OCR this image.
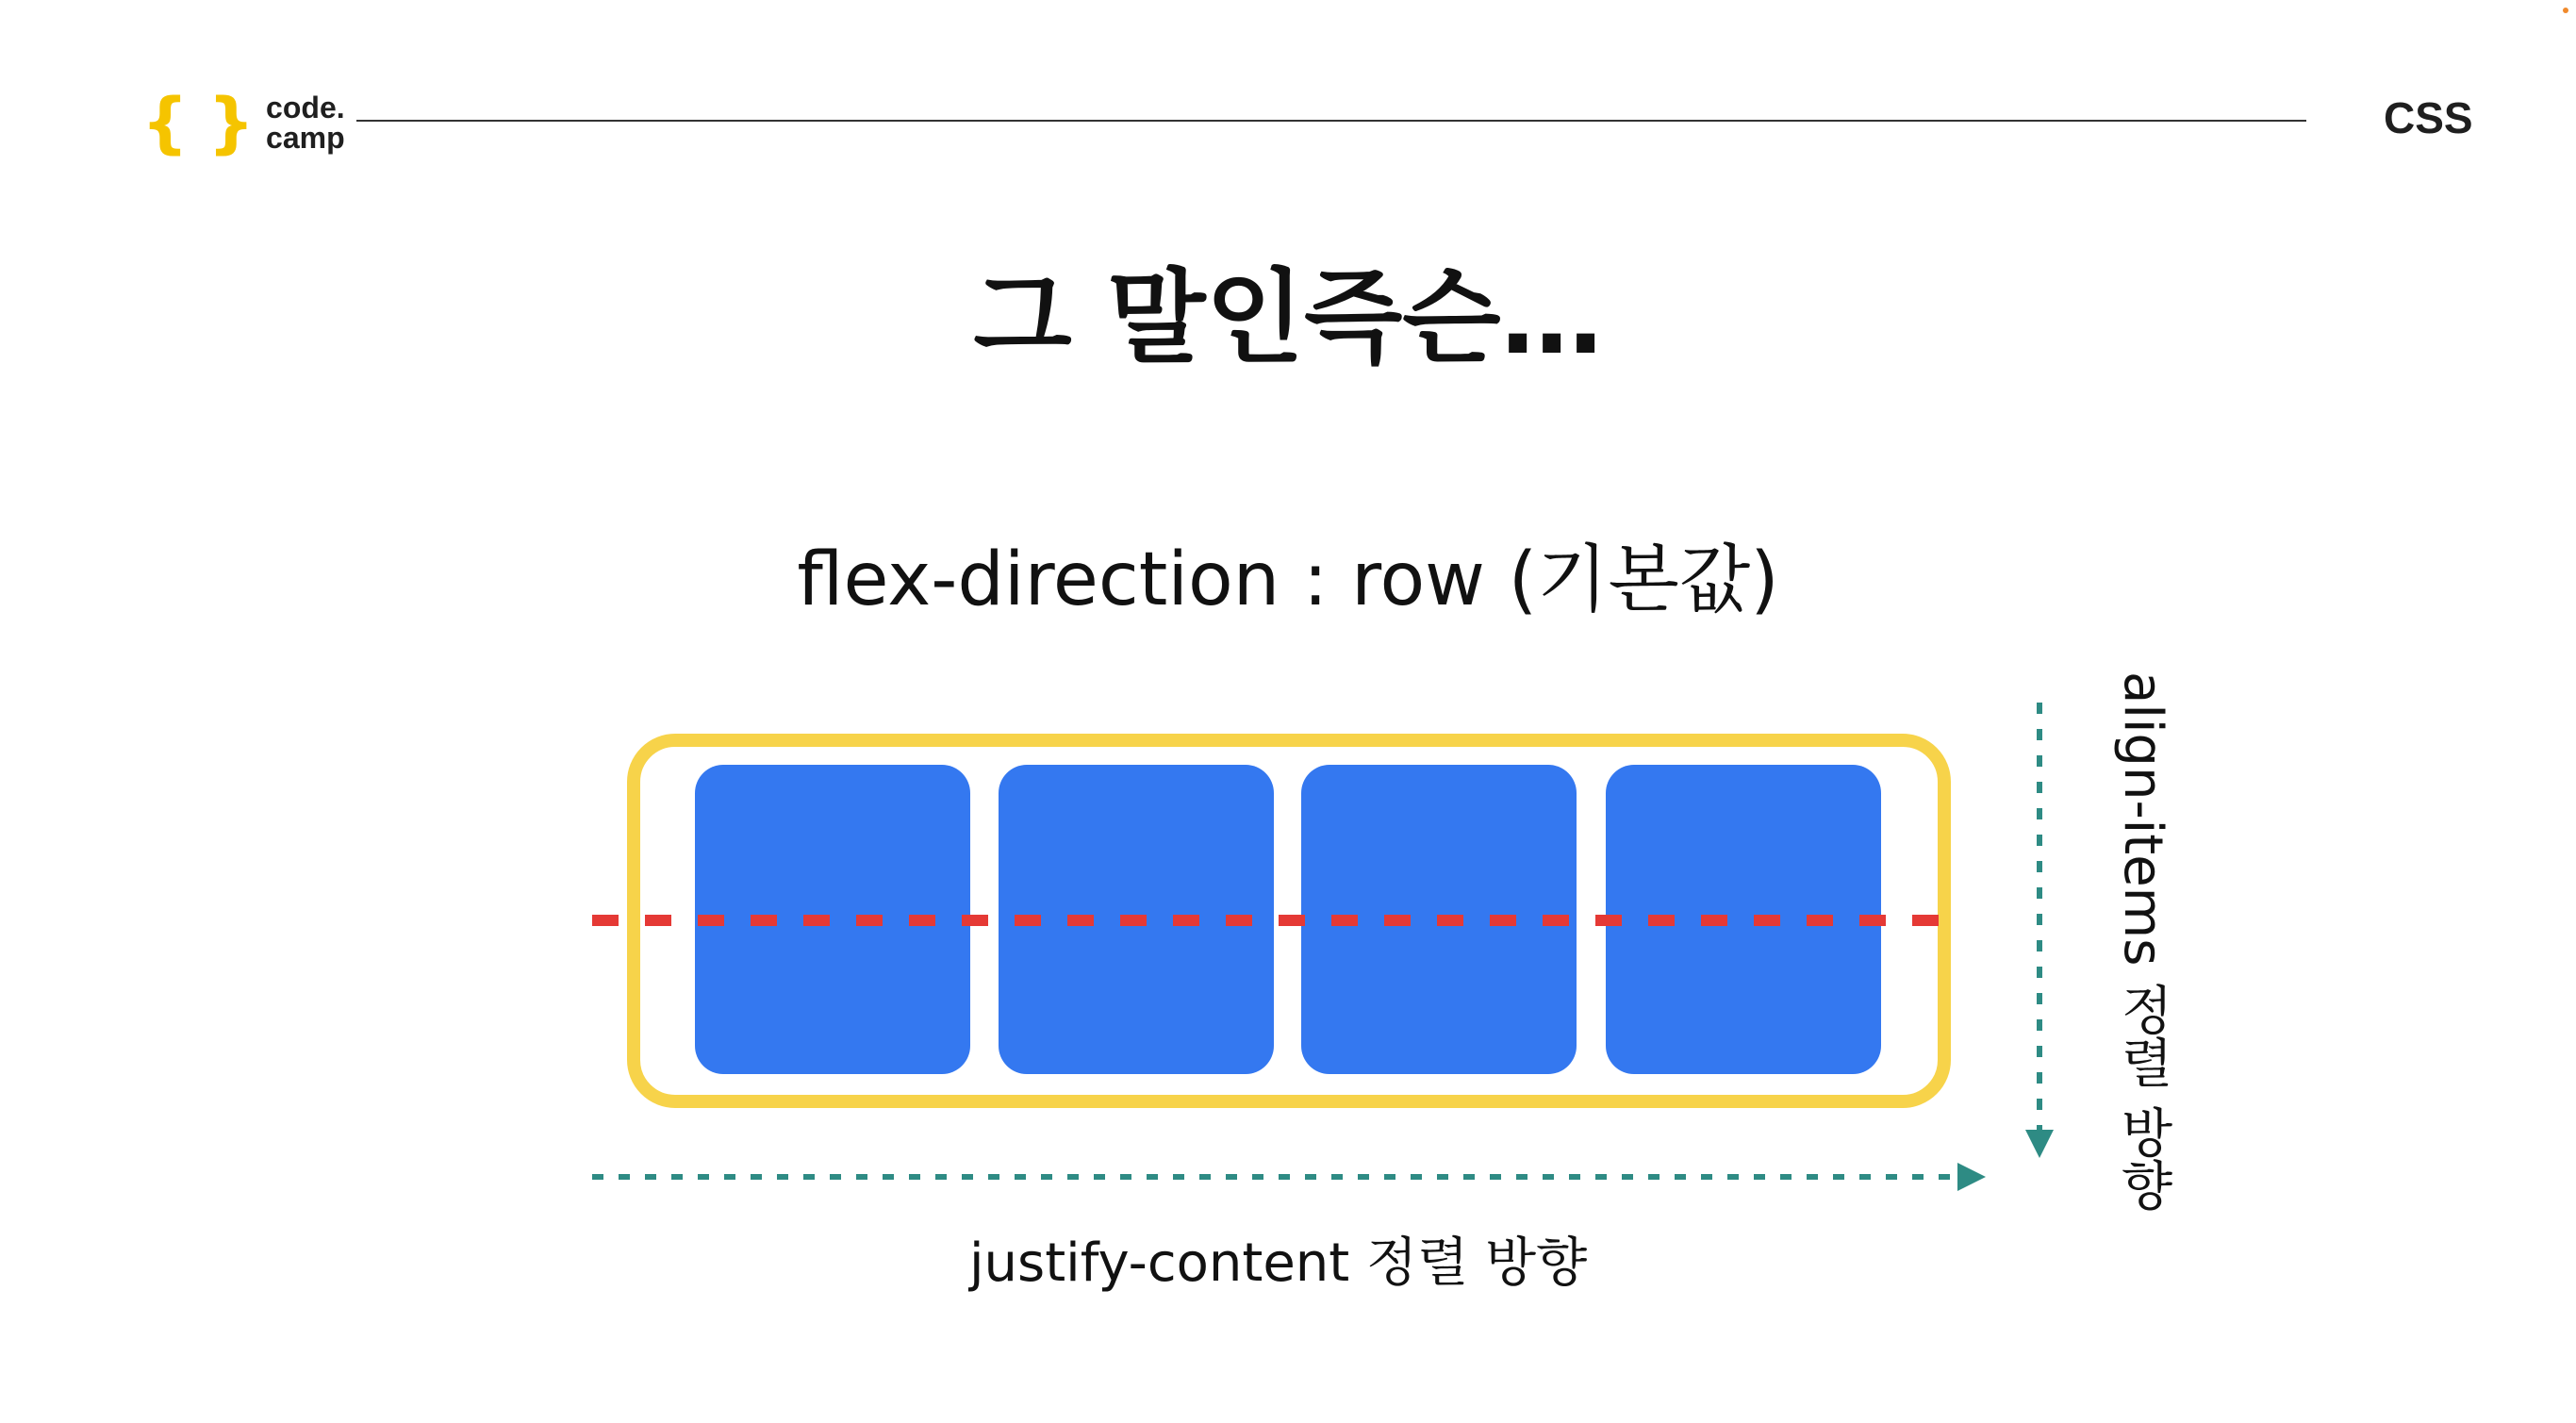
{ } code.
camp	CSS
그 말인즉슨…
flex-direction : row (기본값)
justify-content 정렬 방향
align-items 정렬 방향
